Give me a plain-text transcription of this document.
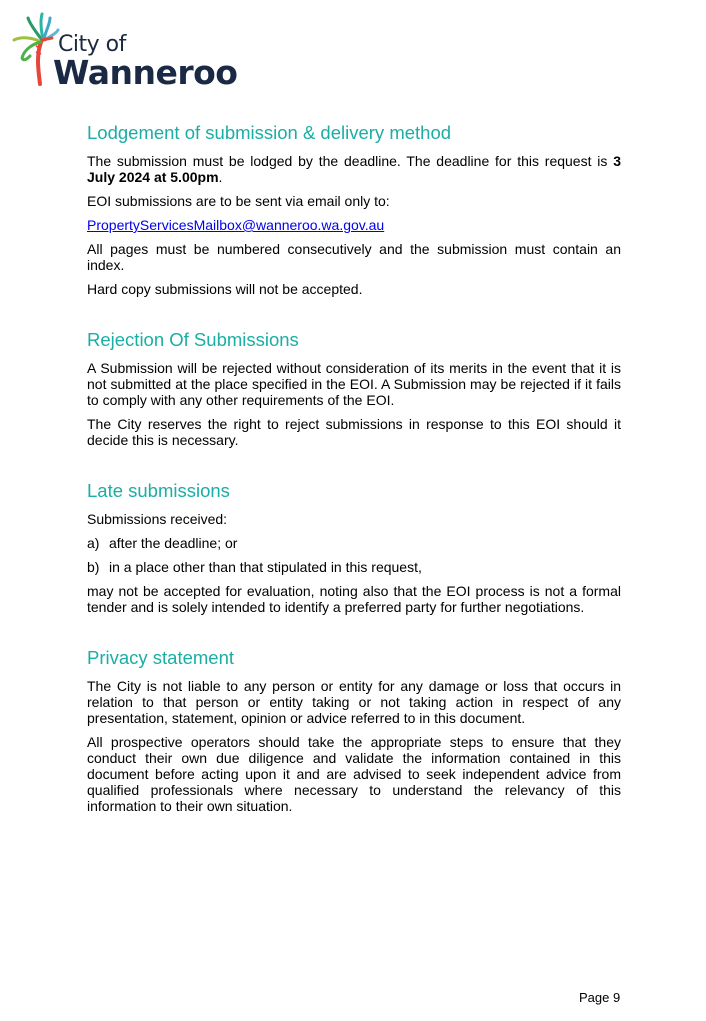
City of
Wanneroo
Lodgement of submission & delivery method

The submission must be lodged by the deadline. The deadline for this request is 3 July 2024 at 5.00pm.

EOI submissions are to be sent via email only to:

PropertyServicesMailbox@wanneroo.wa.gov.au

All pages must be numbered consecutively and the submission must contain an index.

Hard copy submissions will not be accepted.

Rejection Of Submissions

A Submission will be rejected without consideration of its merits in the event that it is not submitted at the place specified in the EOI. A Submission may be rejected if it fails to comply with any other requirements of the EOI.

The City reserves the right to reject submissions in response to this EOI should it decide this is necessary.

Late submissions

Submissions received:

a) after the deadline; or
b) in a place other than that stipulated in this request,

may not be accepted for evaluation, noting also that the EOI process is not a formal tender and is solely intended to identify a preferred party for further negotiations.

Privacy statement

The City is not liable to any person or entity for any damage or loss that occurs in relation to that person or entity taking or not taking action in respect of any presentation, statement, opinion or advice referred to in this document.

All prospective operators should take the appropriate steps to ensure that they conduct their own due diligence and validate the information contained in this document before acting upon it and are advised to seek independent advice from qualified professionals where necessary to understand the relevancy of this information to their own situation.

Page 9
